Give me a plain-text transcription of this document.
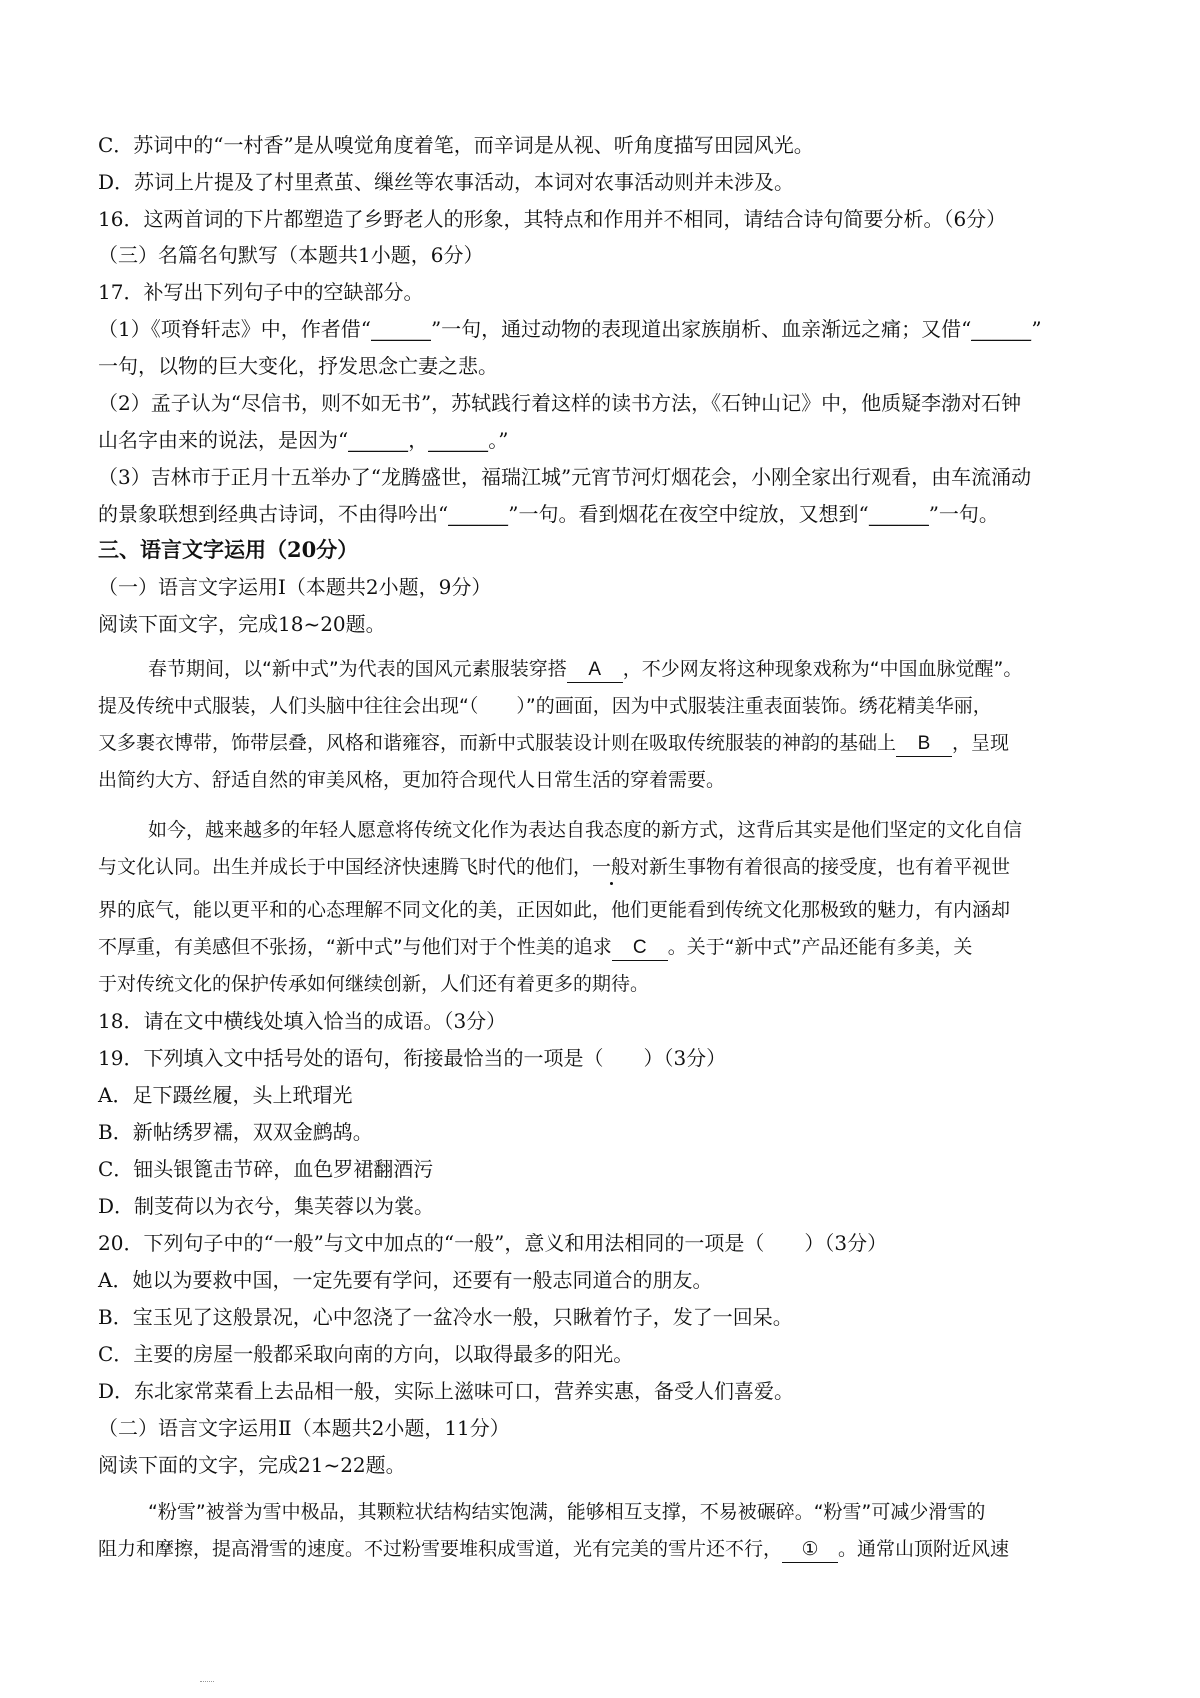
C．苏词中的“一村香”是从嗅觉角度着笔，而辛词是从视、听角度描写田园风光。
D．苏词上片提及了村里煮茧、缫丝等农事活动，本词对农事活动则并未涉及。
16．这两首词的下片都塑造了乡野老人的形象，其特点和作用并不相同，请结合诗句简要分析。（6分）
（三）名篇名句默写（本题共1小题，6分）
17．补写出下列句子中的空缺部分。
（1）《项脊轩志》中，作者借“______”一句，通过动物的表现道出家族崩析、血亲渐远之痛；又借“______”
一句，以物的巨大变化，抒发思念亡妻之悲。
（2）孟子认为“尽信书，则不如无书”，苏轼践行着这样的读书方法，《石钟山记》中，他质疑李渤对石钟
山名字由来的说法，是因为“______，______。”
（3）吉林市于正月十五举办了“龙腾盛世，福瑞江城”元宵节河灯烟花会，小刚全家出行观看，由车流涌动
的景象联想到经典古诗词，不由得吟出“______”一句。看到烟花在夜空中绽放，又想到“______”一句。
三、语言文字运用（20分）
（一）语言文字运用Ⅰ（本题共2小题，9分）
阅读下面文字，完成18~20题。
春节期间，以“新中式”为代表的国风元素服装穿搭 A ，不少网友将这种现象戏称为“中国血脉觉醒”。
提及传统中式服装，人们头脑中往往会出现“（　　）”的画面，因为中式服装注重表面装饰。绣花精美华丽，
又多裹衣博带，饰带层叠，风格和谐雍容，而新中式服装设计则在吸取传统服装的神韵的基础上 B ，呈现
出简约大方、舒适自然的审美风格，更加符合现代人日常生活的穿着需要。
如今，越来越多的年轻人愿意将传统文化作为表达自我态度的新方式，这背后其实是他们坚定的文化自信
与文化认同。出生并成长于中国经济快速腾飞时代的他们，一般对新生事物有着很高的接受度，也有着平视世
界的底气，能以更平和的心态理解不同文化的美，正因如此，他们更能看到传统文化那极致的魅力，有内涵却
不厚重，有美感但不张扬，“新中式”与他们对于个性美的追求 C 。关于“新中式”产品还能有多美，关
于对传统文化的保护传承如何继续创新，人们还有着更多的期待。
18．请在文中横线处填入恰当的成语。（3分）
19．下列填入文中括号处的语句，衔接最恰当的一项是（　　）（3分）
A．足下蹑丝履，头上玳瑁光
B．新帖绣罗襦，双双金鹧鸪。
C．钿头银篦击节碎，血色罗裙翻酒污
D．制芰荷以为衣兮，集芙蓉以为裳。
20．下列句子中的“一般”与文中加点的“一般”，意义和用法相同的一项是（　　）（3分）
A．她以为要救中国，一定先要有学问，还要有一般志同道合的朋友。
B．宝玉见了这般景况，心中忽浇了一盆冷水一般，只瞅着竹子，发了一回呆。
C．主要的房屋一般都采取向南的方向，以取得最多的阳光。
D．东北家常菜看上去品相一般，实际上滋味可口，营养实惠，备受人们喜爱。
（二）语言文字运用Ⅱ（本题共2小题，11分）
阅读下面的文字，完成21~22题。
“粉雪”被誉为雪中极品，其颗粒状结构结实饱满，能够相互支撑，不易被碾碎。“粉雪”可减少滑雪的
阻力和摩擦，提高滑雪的速度。不过粉雪要堆积成雪道，光有完美的雪片还不行， ① 。通常山顶附近风速
